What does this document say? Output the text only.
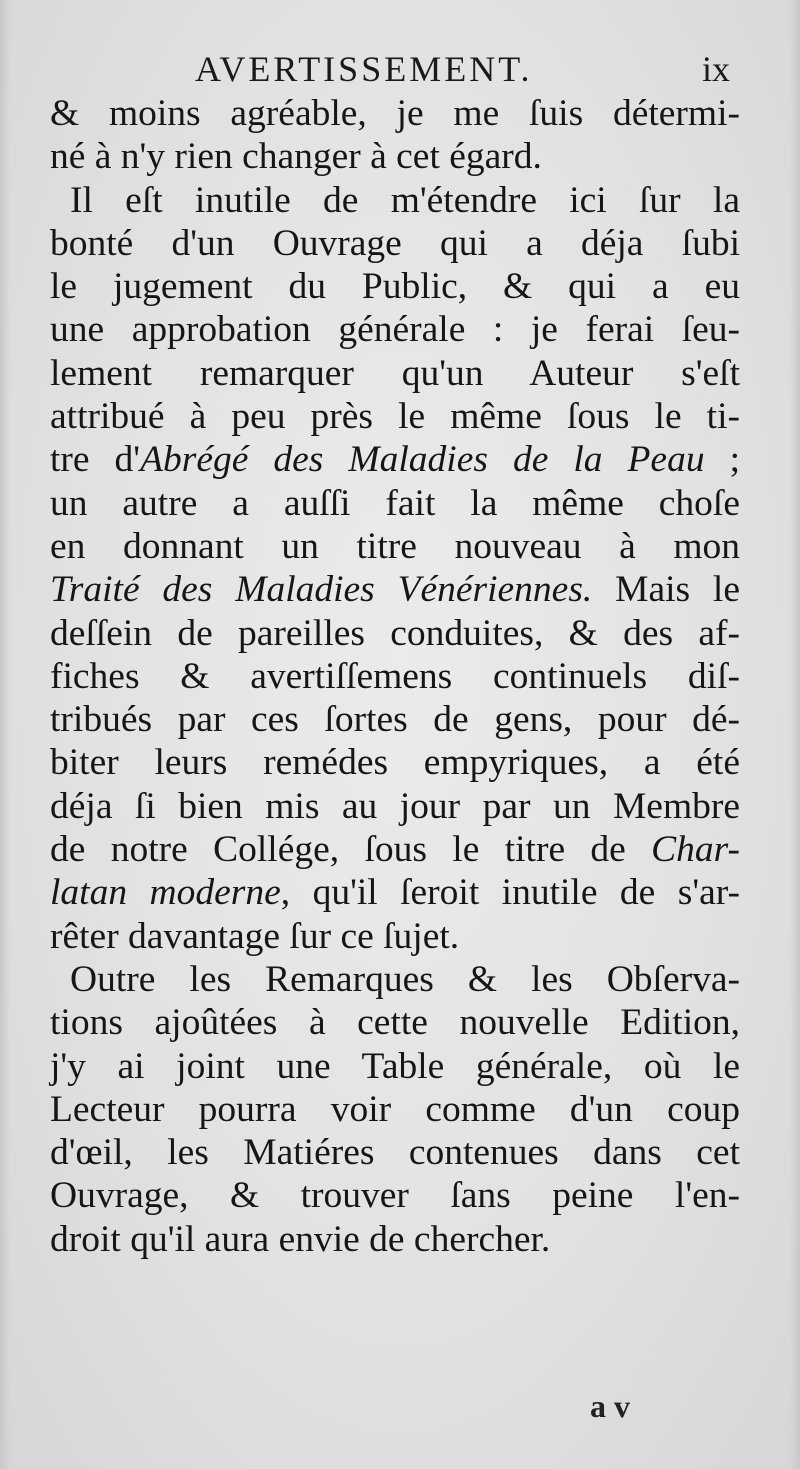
AVERTISSEMENT.	ix
& moins agréable, je me ſuis détermi-
né à n'y rien changer à cet égard.
Il eſt inutile de m'étendre ici ſur la
bonté d'un Ouvrage qui a déja ſubi
le jugement du Public, & qui a eu
une approbation générale : je ferai ſeu-
lement remarquer qu'un Auteur s'eſt
attribué à peu près le même ſous le ti-
tre d'Abrégé des Maladies de la Peau ;
un autre a auſſi fait la même choſe
en donnant un titre nouveau à mon
Traité des Maladies Vénériennes. Mais le
deſſein de pareilles conduites, & des af-
fiches & avertiſſemens continuels diſ-
tribués par ces ſortes de gens, pour dé-
biter leurs remédes empyriques, a été
déja ſi bien mis au jour par un Membre
de notre Collége, ſous le titre de Char-
latan moderne, qu'il ſeroit inutile de s'ar-
rêter davantage ſur ce ſujet.
Outre les Remarques & les Obſerva-
tions ajoûtées à cette nouvelle Edition,
j'y ai joint une Table générale, où le
Lecteur pourra voir comme d'un coup
d'œil, les Matiéres contenues dans cet
Ouvrage, & trouver ſans peine l'en-
droit qu'il aura envie de chercher.
a v
